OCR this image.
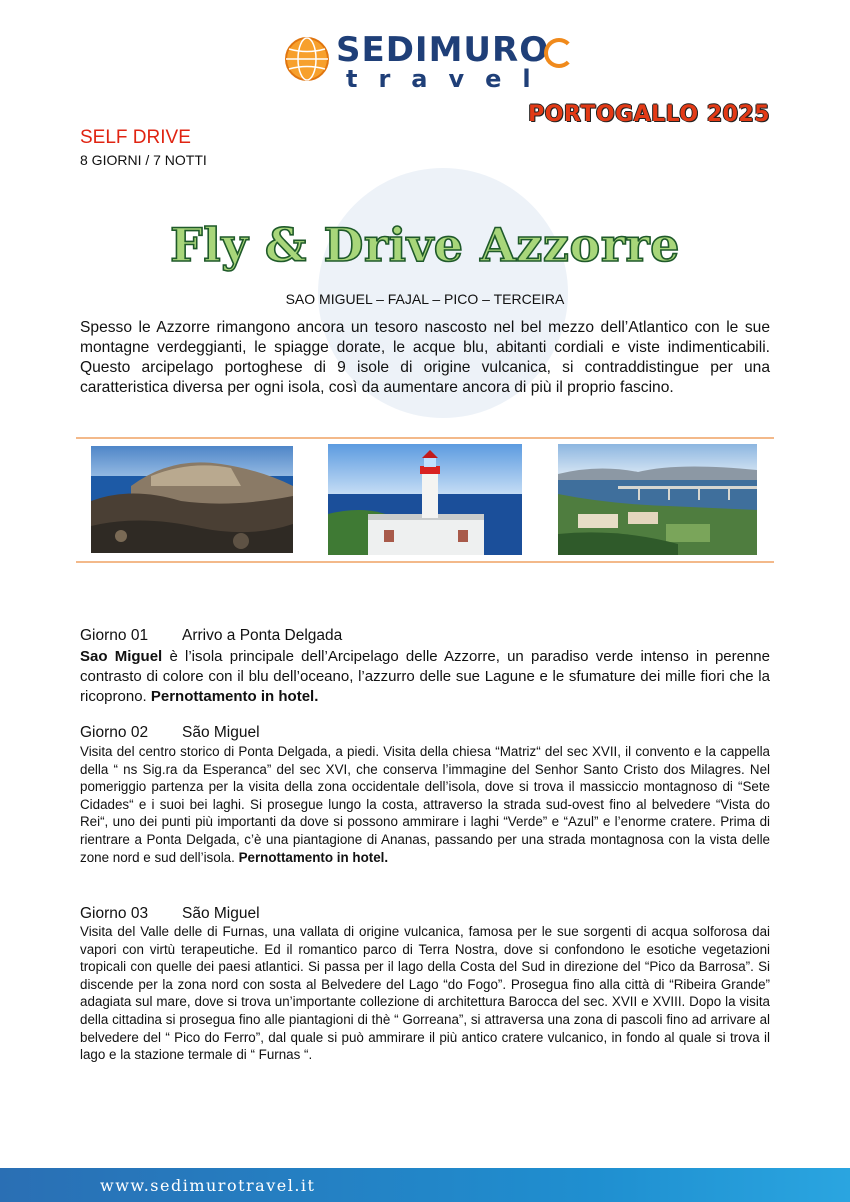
SEDIMURO
travel
PORTOGALLO 2025
SELF DRIVE
8 GIORNI / 7 NOTTI
Fly & Drive Azzorre
SAO MIGUEL – FAJAL – PICO – TERCEIRA
Spesso le Azzorre rimangono ancora un tesoro nascosto nel bel mezzo dell’Atlantico con le sue montagne verdeggianti, le spiagge dorate, le acque blu, abitanti cordiali e viste indimenticabili. Questo arcipelago portoghese di 9 isole di origine vulcanica, si contraddistingue per una caratteristica diversa per ogni isola, così da aumentare ancora di più il proprio fascino.
Giorno 01 Arrivo a Ponta Delgada
Sao Miguel è l’isola principale dell’Arcipelago delle Azzorre, un paradiso verde intenso in perenne contrasto di colore con il blu dell’oceano, l’azzurro delle sue Lagune e le sfumature dei mille fiori che la ricoprono. Pernottamento in hotel.
Giorno 02 São Miguel
Visita del centro storico di Ponta Delgada, a piedi. Visita della chiesa “Matriz“ del sec XVII, il convento e la cappella della “ ns Sig.ra da Esperanca” del sec XVI, che conserva l’immagine del Senhor Santo Cristo dos Milagres. Nel pomeriggio partenza per la visita della zona occidentale dell’isola, dove si trova il massiccio montagnoso di “Sete Cidades“ e i suoi bei laghi. Si prosegue lungo la costa, attraverso la strada sud-ovest fino al belvedere “Vista do Rei“, uno dei punti più importanti da dove si possono ammirare i laghi “Verde” e “Azul” e l’enorme cratere. Prima di rientrare a Ponta Delgada, c’è una piantagione di Ananas, passando per una strada montagnosa con la vista delle zone nord e sud dell’isola. Pernottamento in hotel.
Giorno 03 São Miguel
Visita del Valle delle di Furnas, una vallata di origine vulcanica, famosa per le sue sorgenti di acqua solforosa dai vapori con virtù terapeutiche. Ed il romantico parco di Terra Nostra, dove si confondono le esotiche vegetazioni tropicali con quelle dei paesi atlantici. Si passa per il lago della Costa del Sud in direzione del “Pico da Barrosa”. Si discende per la zona nord con sosta al Belvedere del Lago “do Fogo”. Prosegua fino alla città di “Ribeira Grande” adagiata sul mare, dove si trova un’importante collezione di architettura Barocca del sec. XVII e XVIII. Dopo la visita della cittadina si prosegua fino alle piantagioni di thè “ Gorreana”, si attraversa una zona di pascoli fino ad arrivare al belvedere del “ Pico do Ferro”, dal quale si può ammirare il più antico cratere vulcanico, in fondo al quale si trova il lago e la stazione termale di “ Furnas “.
www.sedimurotravel.it
